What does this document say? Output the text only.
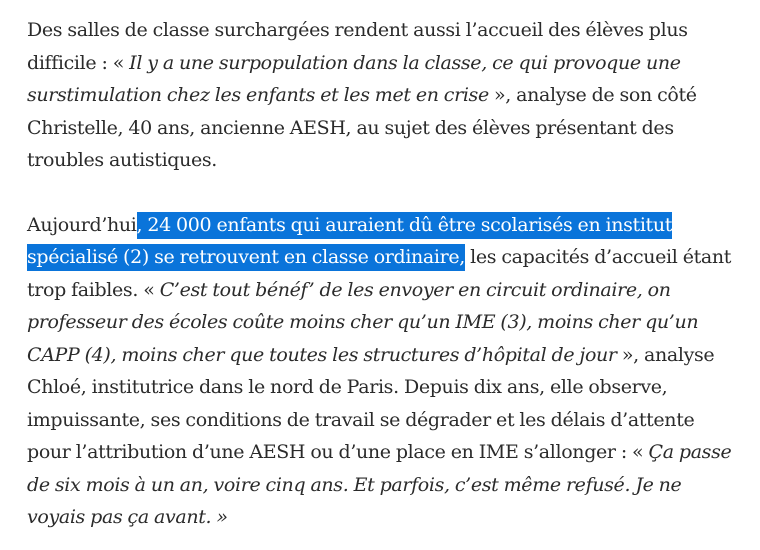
Des salles de classe surchargées rendent aussi l’accueil des élèves plus
difficile : « Il y a une surpopulation dans la classe, ce qui provoque une
surstimulation chez les enfants et les met en crise », analyse de son côté
Christelle, 40 ans, ancienne AESH, au sujet des élèves présentant des
troubles autistiques.

Aujourd’hui, 24 000 enfants qui auraient dû être scolarisés en institut
spécialisé (2) se retrouvent en classe ordinaire, les capacités d’accueil étant
trop faibles. « C’est tout bénéf’ de les envoyer en circuit ordinaire, on
professeur des écoles coûte moins cher qu’un IME (3), moins cher qu’un
CAPP (4), moins cher que toutes les structures d’hôpital de jour », analyse
Chloé, institutrice dans le nord de Paris. Depuis dix ans, elle observe,
impuissante, ses conditions de travail se dégrader et les délais d’attente
pour l’attribution d’une AESH ou d’une place en IME s’allonger : « Ça passe
de six mois à un an, voire cinq ans. Et parfois, c’est même refusé. Je ne
voyais pas ça avant. »
